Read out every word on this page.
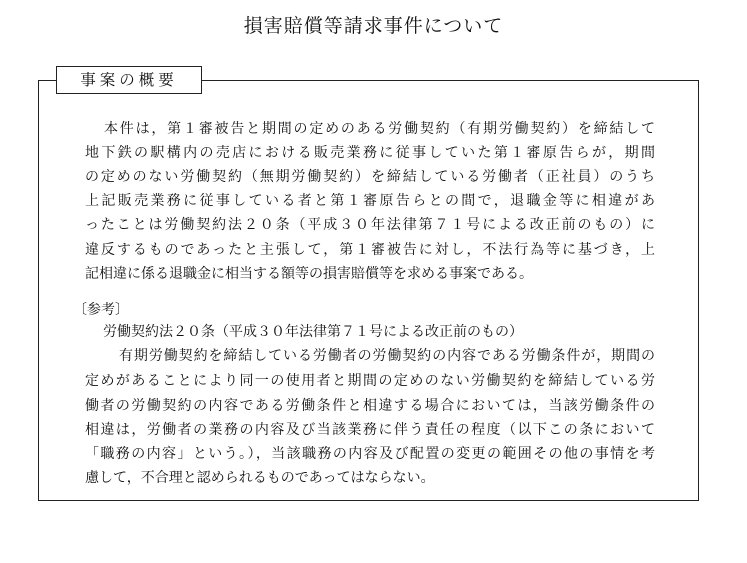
損害賠償等請求事件について
事案の概要
本件は，第１審被告と期間の定めのある労働契約（有期労働契約）を締結して
地下鉄の駅構内の売店における販売業務に従事していた第１審原告らが，期間
の定めのない労働契約（無期労働契約）を締結している労働者（正社員）のうち
上記販売業務に従事している者と第１審原告らとの間で，退職金等に相違があ
ったことは労働契約法２０条（平成３０年法律第７１号による改正前のもの）に
違反するものであったと主張して，第１審被告に対し，不法行為等に基づき，上
記相違に係る退職金に相当する額等の損害賠償等を求める事案である。
〔参考〕
労働契約法２０条（平成３０年法律第７１号による改正前のもの）
有期労働契約を締結している労働者の労働契約の内容である労働条件が，期間の
定めがあることにより同一の使用者と期間の定めのない労働契約を締結している労
働者の労働契約の内容である労働条件と相違する場合においては，当該労働条件の
相違は，労働者の業務の内容及び当該業務に伴う責任の程度（以下この条において
「職務の内容」という。），当該職務の内容及び配置の変更の範囲その他の事情を考
慮して，不合理と認められるものであってはならない。
